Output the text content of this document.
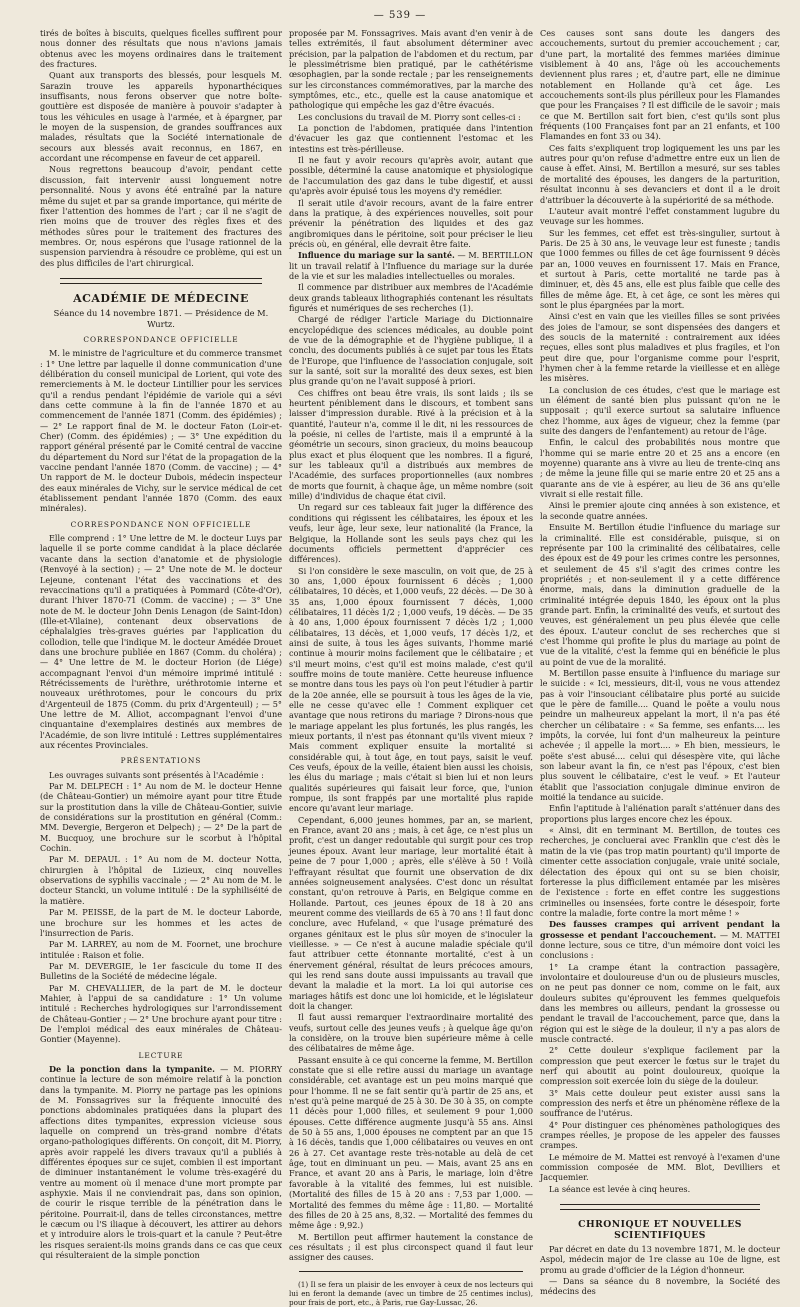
— 539 —

tirés de boîtes à biscuits, quelques ficelles suffirent pour nous donner des résultats que nous n'avions jamais obtenus avec les moyens ordinaires dans le traitement des fractures.

Quant aux transports des blessés, pour lesquels M. Sarazin trouve les appareils hyponarthéciques insuffisants, nous ferons observer que notre boîte-gouttière est disposée de manière à pouvoir s'adapter à tous les véhicules en usage à l'armée, et à épargner, par le moyen de la suspension, de grandes souffrances aux malades, résultats que la Société internationale de secours aux blessés avait reconnus, en 1867, en accordant une récompense en faveur de cet appareil.

Nous regrettons beaucoup d'avoir, pendant cette discussion, fait intervenir aussi longuement notre personnalité. Nous y avons été entraîné par la nature même du sujet et par sa grande importance, qui mérite de fixer l'attention des hommes de l'art ; car il ne s'agit de rien moins que de trouver des règles fixes et des méthodes sûres pour le traitement des fractures des membres. Or, nous espérons que l'usage rationnel de la suspension parviendra à résoudre ce problème, qui est un des plus difficiles de l'art chirurgical.

ACADÉMIE DE MÉDECINE
Séance du 14 novembre 1871. — Présidence de M. Wurtz.
CORRESPONDANCE OFFICIELLE

M. le ministre de l'agriculture et du commerce transmet : 1° Une lettre par laquelle il donne communication d'une délibération du conseil municipal de Lorient, qui vote des remerciements à M. le docteur Lintillier pour les services qu'il a rendus pendant l'épidémie de variole qui a sévi dans cette commune à la fin de l'année 1870 et au commencement de l'année 1871 (Comm. des épidémies) ; — 2° Le rapport final de M. le docteur Faton (Loir-et-Cher) (Comm. des épidémies) ; — 3° Une expédition du rapport général présenté par le Comité central de vaccine du département du Nord sur l'état de la propagation de la vaccine pendant l'année 1870 (Comm. de vaccine) ; — 4° Un rapport de M. le docteur Dubois, médecin inspecteur des eaux minérales de Vichy, sur le service médical de cet établissement pendant l'année 1870 (Comm. des eaux minérales).

CORRESPONDANCE NON OFFICIELLE

Elle comprend : 1° Une lettre de M. le docteur Luys par laquelle il se porte comme candidat à la place déclarée vacante dans la section d'anatomie et de physiologie (Renvoyé à la section) ; — 2° Une note de M. le docteur Lejeune, contenant l'état des vaccinations et des revaccinations qu'il a pratiquées à Pommard (Côte-d'Or), durant l'hiver 1870-71 (Comm. de vaccine) ; — 3° Une note de M. le docteur John Denis Lenagon (de Saint-Idon) (Ille-et-Vilaine), contenant deux observations de céphalalgies très-graves guéries par l'application du collodion, telle que l'indique M. le docteur Amédée Drouet dans une brochure publiée en 1867 (Comm. du choléra) ; — 4° Une lettre de M. le docteur Horion (de Liége) accompagnant l'envoi d'un mémoire imprimé intitulé : Rétrécissements de l'urèthre, uréthrotomie interne et nouveaux uréthrotomes, pour le concours du prix d'Argenteuil de 1875 (Comm. du prix d'Argenteuil) ; — 5° Une lettre de M. Alliot, accompagnant l'envoi d'une cinquantaine d'exemplaires destinés aux membres de l'Académie, de son livre intitulé : Lettres supplémentaires aux récentes Provinciales.

PRÉSENTATIONS

Les ouvrages suivants sont présentés à l'Académie :

Par M. DELPECH : 1° Au nom de M. le docteur Henne (de Château-Gontier) un mémoire ayant pour titre Étude sur la prostitution dans la ville de Château-Gontier, suivie de considérations sur la prostitution en général (Comm.: MM. Devergie, Bergeron et Delpech) ; — 2° De la part de M. Bucquoy, une brochure sur le scorbut à l'hôpital Cochin.

Par M. DEPAUL : 1° Au nom de M. docteur Notta, chirurgien à l'hôpital de Lizieux, cinq nouvelles observations de syphilis vaccinale ; — 2° Au nom de M. le docteur Stancki, un volume intitulé : De la syphiliséité de la matière.

Par M. PEISSE, de la part de M. le docteur Laborde, une brochure sur les hommes et les actes de l'insurrection de Paris.

Par M. LARREY, au nom de M. Foornet, une brochure intitulée : Raison et folie.

Par M. DEVERGIE, le 1er fascicule du tome II des Bulletins de la Société de médecine légale.

Par M. CHEVALLIER, de la part de M. le docteur Mahier, à l'appui de sa candidature : 1° Un volume intitulé : Recherches hydrologiques sur l'arrondissement de Château-Gontier ; — 2° Une brochure ayant pour titre : De l'emploi médical des eaux minérales de Château-Gontier (Mayenne).

LECTURE

De la ponction dans la tympanite. — M. PIORRY continue la lecture de son mémoire relatif à la ponction dans la tympanite. M. Piorry ne partage pas les opinions de M. Fonssagrives sur la fréquente innocuité des ponctions abdominales pratiquées dans la plupart des affections dites tympanites, expression vicieuse sous laquelle on comprend un très-grand nombre d'états organo-pathologiques différents. On conçoit, dit M. Piorry, après avoir rappelé les divers travaux qu'il a publiés à différentes époques sur ce sujet, combien il est important de diminuer instantanément le volume très-exagéré du ventre au moment où il menace d'une mort prompte par asphyxie. Mais il ne conviendrait pas, dans son opinion, de courir le risque terrible de la pénétration dans le péritoine. Pourrait-il, dans de telles circonstances, mettre le cæcum ou l'S iliaque à découvert, les attirer au dehors et y introduire alors le trois-quart et la canule ? Peut-être les risques seraient-ils moins grands dans ce cas que ceux qui résulteraient de la simple ponction

proposée par M. Fonssagrives. Mais avant d'en venir à de telles extrémités, il faut absolument déterminer avec précision, par la palpation de l'abdomen et du rectum, par le plessimétrisme bien pratiqué, par le cathétérisme œsophagien, par la sonde rectale ; par les renseignements sur les circonstances commémoratives, par la marche des symptômes, etc., etc., quelle est la cause anatomique et pathologique qui empêche les gaz d'être évacués.

Les conclusions du travail de M. Piorry sont celles-ci :

La ponction de l'abdomen, pratiquée dans l'intention d'évacuer les gaz que contiennent l'estomac et les intestins est très-périlleuse.

Il ne faut y avoir recours qu'après avoir, autant que possible, déterminé la cause anatomique et physiologique de l'accumulation des gaz dans le tube digestif, et aussi qu'après avoir épuisé tous les moyens d'y remédier.

Il serait utile d'avoir recours, avant de la faire entrer dans la pratique, à des expériences nouvelles, soit pour prévenir la pénétration des liquides et des gaz angibromiques dans le péritoine, soit pour préciser le lieu précis où, en général, elle devrait être faite.

Influence du mariage sur la santé. — M. BERTILLON lit un travail relatif à l'Influence du mariage sur la durée de la vie et sur les maladies intellectuelles ou morales.

Il commence par distribuer aux membres de l'Académie deux grands tableaux lithographiés contenant les résultats figurés et numériques de ses recherches (1).

Chargé de rédiger l'article Mariage du Dictionnaire encyclopédique des sciences médicales, au double point de vue de la démographie et de l'hygiène publique, il a conclu, des documents publiés à ce sujet par tous les États de l'Europe, que l'influence de l'association conjugale, soit sur la santé, soit sur la moralité des deux sexes, est bien plus grande qu'on ne l'avait supposé à priori.

Ces chiffres ont beau être vrais, ils sont laids ; ils se heurtent péniblement dans le discours, et tombent sans laisser d'impression durable. Rivé à la précision et à la quantité, l'auteur n'a, comme il le dit, ni les ressources de la poésie, ni celles de l'artiste, mais il a emprunté à la géométrie un secours, sinon gracieux, du moins beaucoup plus exact et plus éloquent que les nombres. Il a figuré, sur les tableaux qu'il a distribués aux membres de l'Académie, des surfaces proportionnelles (aux nombres de morts que fournit, à chaque âge, un même nombre (soit mille) d'individus de chaque état civil.

Un regard sur ces tableaux fait juger la différence des conditions qui régissent les célibataires, les époux et les veufs, leur âge, leur sexe, leur nationalité (la France, la Belgique, la Hollande sont les seuls pays chez qui les documents officiels permettent d'apprécier ces différences).

Si l'on considère le sexe masculin, on voit que, de 25 à 30 ans, 1,000 époux fournissent 6 décès ; 1,000 célibataires, 10 décès, et 1,000 veufs, 22 décès. — De 30 à 35 ans, 1,000 époux fournissent 7 décès, 1,000 célibataires, 11 décès 1/2 ; 1,000 veufs, 19 décès. — De 35 à 40 ans, 1,000 époux fournissent 7 décès 1/2 ; 1,000 célibataires, 13 décès, et 1,000 veufs, 17 décès 1/2, et ainsi de suite, à tous les âges suivants, l'homme marié continue à mourir moins facilement que le célibataire ; et s'il meurt moins, c'est qu'il est moins malade, c'est qu'il souffre moins de toute manière. Cette heureuse influence se montre dans tous les pays où l'on peut l'étudier à partir de la 20e année, elle se poursuit à tous les âges de la vie, elle ne cesse qu'avec elle ! Comment expliquer cet avantage que nous retirons du mariage ? Dirons-nous que le mariage appelant les plus fortunés, les plus rangés, les mieux portants, il n'est pas étonnant qu'ils vivent mieux ? Mais comment expliquer ensuite la mortalité si considérable qui, à tout âge, en tout pays, saisit le veuf. Ces veufs, époux de la veille, étaient bien aussi les choisis, les élus du mariage ; mais c'était si bien lui et non leurs qualités supérieures qui faisait leur force, que, l'union rompue, ils sont frappés par une mortalité plus rapide encore qu'avant leur mariage.

Cependant, 6,000 jeunes hommes, par an, se marient, en France, avant 20 ans ; mais, à cet âge, ce n'est plus un profit, c'est un danger redoutable qui surgit pour ces trop jeunes époux. Avant leur mariage, leur mortalité était à peine de 7 pour 1,000 ; après, elle s'élève à 50 ! Voilà l'effrayant résultat que fournit une observation de dix années soigneusement analysées. C'est donc un résultat constant, qu'on retrouve à Paris, en Belgique comme en Hollande. Partout, ces jeunes époux de 18 à 20 ans meurent comme des vieillards de 65 à 70 ans ! Il faut donc conclure, avec Hufeland, « que l'usage prématuré des organes génitaux est le plus sûr moyen de s'inoculer la vieillesse. » — Ce n'est à aucune maladie spéciale qu'il faut attribuer cette étonnante mortalité, c'est à un énervement général, résultat de leurs précoces amours, qui les rend sans doute aussi impuissants au travail que devant la maladie et la mort. La loi qui autorise ces mariages hâtifs est donc une loi homicide, et le législateur doit la changer.

Il faut aussi remarquer l'extraordinaire mortalité des veufs, surtout celle des jeunes veufs ; à quelque âge qu'on la considère, on la trouve bien supérieure même à celle des célibataires de même âge.

Passant ensuite à ce qui concerne la femme, M. Bertillon constate que si elle retire aussi du mariage un avantage considérable, cet avantage est un peu moins marqué que pour l'homme. Il ne se fait sentir qu'à partir de 25 ans, et n'est qu'à peine marqué de 25 à 30. De 30 à 35, on compte 11 décès pour 1,000 filles, et seulement 9 pour 1,000 épouses. Cette différence augmente jusqu'à 55 ans. Ainsi de 50 à 55 ans, 1,000 épouses ne comptent par an que 15 à 16 décès, tandis que 1,000 célibataires ou veuves en ont 26 à 27. Cet avantage reste très-notable au delà de cet âge, tout en diminuant un peu. — Mais, avant 25 ans en France, et avant 20 ans à Paris, le mariage, loin d'être favorable à la vitalité des femmes, lui est nuisible. (Mortalité des filles de 15 à 20 ans : 7,53 par 1,000. — Mortalité des femmes du même âge : 11,80. — Mortalité des filles de 20 à 25 ans, 8,32. — Mortalité des femmes du même âge : 9,92.)

M. Bertillon peut affirmer hautement la constance de ces résultats ; il est plus circonspect quand il faut leur assigner des causes.

(1) Il se fera un plaisir de les envoyer à ceux de nos lecteurs qui lui en feront la demande (avec un timbre de 25 centimes inclus), pour frais de port, etc., à Paris, rue Gay-Lussac, 26.

Ces causes sont sans doute les dangers des accouchements, surtout du premier accouchement ; car, d'une part, la mortalité des femmes mariées diminue visiblement à 40 ans, l'âge où les accouchements deviennent plus rares ; et, d'autre part, elle ne diminue notablement en Hollande qu'à cet âge. Les accouchements sont-ils plus périlleux pour les Flamandes que pour les Françaises ? Il est difficile de le savoir ; mais ce que M. Bertillon sait fort bien, c'est qu'ils sont plus fréquents (100 Françaises font par an 21 enfants, et 100 Flamandes en font 33 ou 34).

Ces faits s'expliquent trop logiquement les uns par les autres pour qu'on refuse d'admettre entre eux un lien de cause à effet. Ainsi, M. Bertillon a mesuré, sur ses tables de mortalité des épouses, les dangers de la parturition, résultat inconnu à ses devanciers et dont il a le droit d'attribuer la découverte à la supériorité de sa méthode.

L'auteur avait montré l'effet constamment lugubre du veuvage sur les hommes.

Sur les femmes, cet effet est très-singulier, surtout à Paris. De 25 à 30 ans, le veuvage leur est funeste ; tandis que 1000 femmes ou filles de cet âge fournissent 9 décès par an, 1000 veuves en fournissent 17. Mais en France, et surtout à Paris, cette mortalité ne tarde pas à diminuer, et, dès 45 ans, elle est plus faible que celle des filles de même âge. Et, à cet âge, ce sont les mères qui sont le plus épargnées par la mort.

Ainsi c'est en vain que les vieilles filles se sont privées des joies de l'amour, se sont dispensées des dangers et des soucis de la maternité : contrairement aux idées reçues, elles sont plus maladives et plus fragiles, et l'on peut dire que, pour l'organisme comme pour l'esprit, l'hymen cher à la femme retarde la vieillesse et en allège les misères.

La conclusion de ces études, c'est que le mariage est un élément de santé bien plus puissant qu'on ne le supposait ; qu'il exerce surtout sa salutaire influence chez l'homme, aux âges de vigueur, chez la femme (par suite des dangers de l'enfantement) au retour de l'âge.

Enfin, le calcul des probabilités nous montre que l'homme qui se marie entre 20 et 25 ans a encore (en moyenne) quarante ans à vivre au lieu de trente-cinq ans ; de même la jeune fille qui se marie entre 20 et 25 ans a quarante ans de vie à espérer, au lieu de 36 ans qu'elle vivrait si elle restait fille.

Ainsi le premier ajoute cinq années à son existence, et la seconde quatre années.

Ensuite M. Bertillon étudie l'influence du mariage sur la criminalité. Elle est considérable, puisque, si on représente par 100 la criminalité des célibataires, celle des époux est de 49 pour les crimes contre les personnes, et seulement de 45 s'il s'agit des crimes contre les propriétés ; et non-seulement il y a cette différence énorme, mais, dans la diminution graduelle de la criminalité intégrée depuis 1840, les époux ont la plus grande part. Enfin, la criminalité des veufs, et surtout des veuves, est généralement un peu plus élevée que celle des époux. L'auteur conclut de ses recherches que si c'est l'homme qui profite le plus du mariage au point de vue de la vitalité, c'est la femme qui en bénéficie le plus au point de vue de la moralité.

M. Bertillon passe ensuite à l'influence du mariage sur le suicide : « Ici, messieurs, dit-il, vous ne vous attendez pas à voir l'insouciant célibataire plus porté au suicide que le père de famille.... Quand le poëte a voulu nous peindre un malheureux appelant la mort, il n'a pas été chercher un célibataire : « Sa femme, ses enfants.... les impôts, la corvée, lui font d'un malheureux la peinture achevée ; il appelle la mort.... » Eh bien, messieurs, le poëte s'est abusé.... celui qui désespère vite, qui lâche son labeur avant la fin, ce n'est pas l'époux, c'est bien plus souvent le célibataire, c'est le veuf. » Et l'auteur établit que l'association conjugale diminue environ de moitié la tendance au suicide.

Enfin l'aptitude à l'aliénation paraît s'atténuer dans des proportions plus larges encore chez les époux.

« Ainsi, dit en terminant M. Bertillon, de toutes ces recherches, je concluerai avec Franklin que c'est dès le matin de la vie (pas trop matin pourtant) qu'il importe de cimenter cette association conjugale, vraie unité sociale, délectation des époux qui ont su se bien choisir, forteresse la plus difficilement entamée par les misères de l'existence : forte en effet contre les suggestions criminelles ou insensées, forte contre le désespoir, forte contre la maladie, forte contre la mort même ! »

Des fausses crampes qui arrivent pendant la grossesse et pendant l'accouchement. — M. MATTEI donne lecture, sous ce titre, d'un mémoire dont voici les conclusions :

1° La crampe étant la contraction passagère, involontaire et douloureuse d'un ou de plusieurs muscles, on ne peut pas donner ce nom, comme on le fait, aux douleurs subites qu'éprouvent les femmes quelquefois dans les membres ou ailleurs, pendant la grossesse ou pendant le travail de l'accouchement, parce que, dans la région qui est le siège de la douleur, il n'y a pas alors de muscle contracté.

2° Cette douleur s'explique facilement par la compression que peut exercer le fœtus sur le trajet du nerf qui aboutit au point douloureux, quoique la compression soit exercée loin du siège de la douleur.

3° Mais cette douleur peut exister aussi sans la compression des nerfs et être un phénomène réflexe de la souffrance de l'utérus.

4° Pour distinguer ces phénomènes pathologiques des crampes réelles, je propose de les appeler des fausses crampes.

Le mémoire de M. Mattei est renvoyé à l'examen d'une commission composée de MM. Blot, Devilliers et Jacquemier.

La séance est levée à cinq heures.

CHRONIQUE ET NOUVELLES SCIENTIFIQUES

Par décret en date du 13 novembre 1871, M. le docteur Aspol, médecin major de 1re classe au 10e de ligne, est promu au grade d'officier de la Légion d'honneur.

— Dans sa séance du 8 novembre, la Société des médecins des
